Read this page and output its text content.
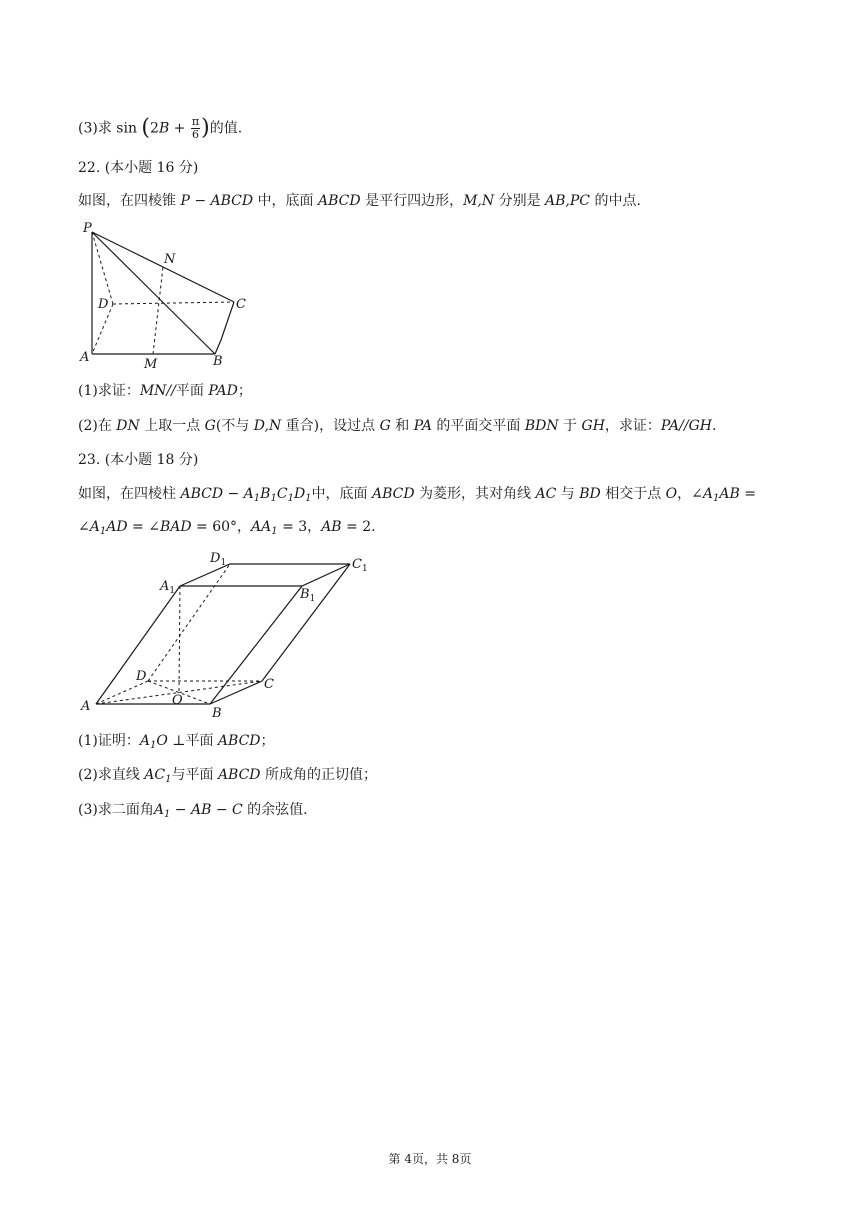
(3)求 $\sin (2B + \frac{\pi}{6}$ )的值.
22. (本小题 16 分)
如图，在四棱锥 P − ABCD 中，底面 ABCD 是平行四边形，M,N 分别是 AB,PC 的中点.
P
N
D	C
A	M	B
(1)求证：MN//平面 PAD；
(2)在 DN 上取一点 G(不与 D,N 重合)，设过点 G 和 PA 的平面交平面 BDN 于 GH，求证：PA//GH.
23. (本小题 18 分)
如图，在四棱柱 ABCD − $A_1B_1C_1D_1$中，底面 ABCD 为菱形，其对角线 AC 与 BD 相交于点 O，$\angle A_1AB$ =
$\angle A_1AD$ = ∠BAD = 60°，$AA_1 = 3$，AB = 2.
$D_1$	$C_1$
$A_1$	$B_1$
D
C
A	O
B
(1)证明：$A_1O$ ⊥平面 ABCD；
(2)求直线 $AC_1$与平面 ABCD 所成角的正切值；
(3)求二面角$A_1$ − AB − C 的余弦值.
第 4页，共 8页
